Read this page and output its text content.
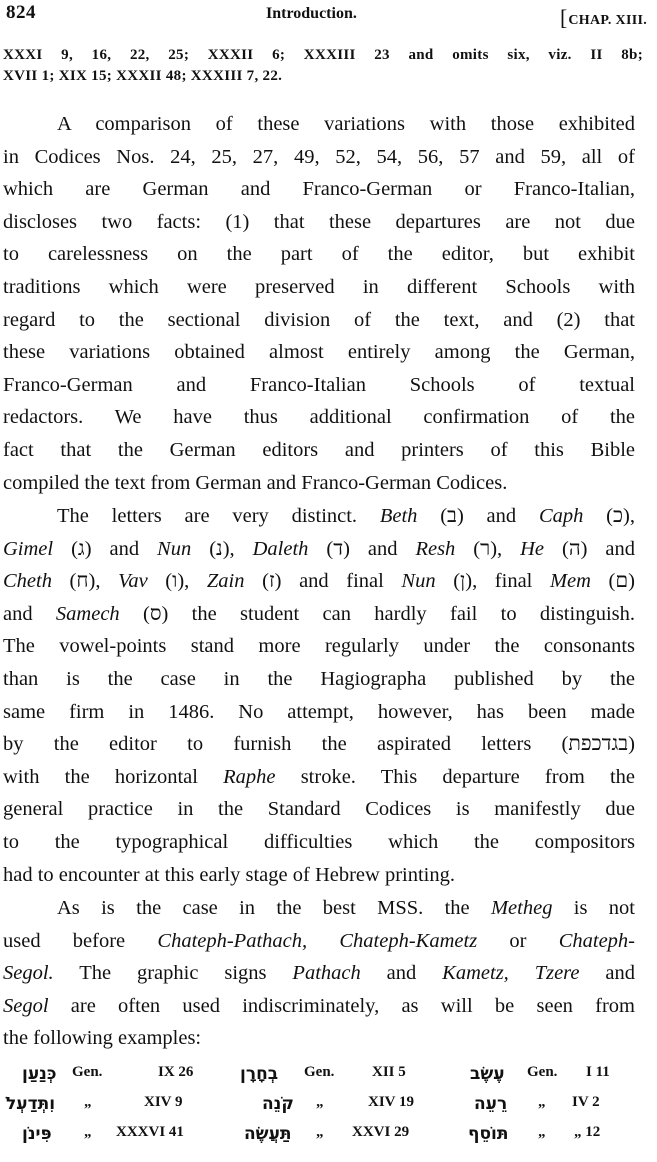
824	Introduction.	[CHAP. XIII.
XXXI 9, 16, 22, 25; XXXII 6; XXXIII 23 and omits six, viz. II 8b;
XVII 1; XIX 15; XXXII 48; XXXIII 7, 22.
A comparison of these variations with those exhibited
in Codices Nos. 24, 25, 27, 49, 52, 54, 56, 57 and 59, all of
which are German and Franco-German or Franco-Italian,
discloses two facts: (1) that these departures are not due
to carelessness on the part of the editor, but exhibit
traditions which were preserved in different Schools with
regard to the sectional division of the text, and (2) that
these variations obtained almost entirely among the German,
Franco-German and Franco-Italian Schools of textual
redactors. We have thus additional confirmation of the
fact that the German editors and printers of this Bible
compiled the text from German and Franco-German Codices.
The letters are very distinct. Beth (ב) and Caph (כ),
Gimel (ג) and Nun (נ), Daleth (ד) and Resh (ר), He (ה) and
Cheth (ח), Vav (ו), Zain (ז) and final Nun (ן), final Mem (ם)
and Samech (ס) the student can hardly fail to distinguish.
The vowel-points stand more regularly under the consonants
than is the case in the Hagiographa published by the
same firm in 1486. No attempt, however, has been made
by the editor to furnish the aspirated letters (בגדכפת)
with the horizontal Raphe stroke. This departure from the
general practice in the Standard Codices is manifestly due
to the typographical difficulties which the compositors
had to encounter at this early stage of Hebrew printing.
As is the case in the best MSS. the Metheg is not
used before Chateph-Pathach, Chateph-Kametz or Chateph-
Segol. The graphic signs Pathach and Kametz, Tzere and
Segol are often used indiscriminately, as will be seen from
the following examples:
כְּנַעַן Gen.	IX 26	בְחָרָן Gen.	XII 5	עֶשֶׂב Gen. I 11
וִתְּדַעְלֹ „	XIV 9	קֹנֵה „	XIV 19	רֵעֵה „ IV 2
פִּינֹן „ XXXVI 41	תַּעֲשֶׂה „ XXVI 29	תּוֹסֵף „ „ 12
